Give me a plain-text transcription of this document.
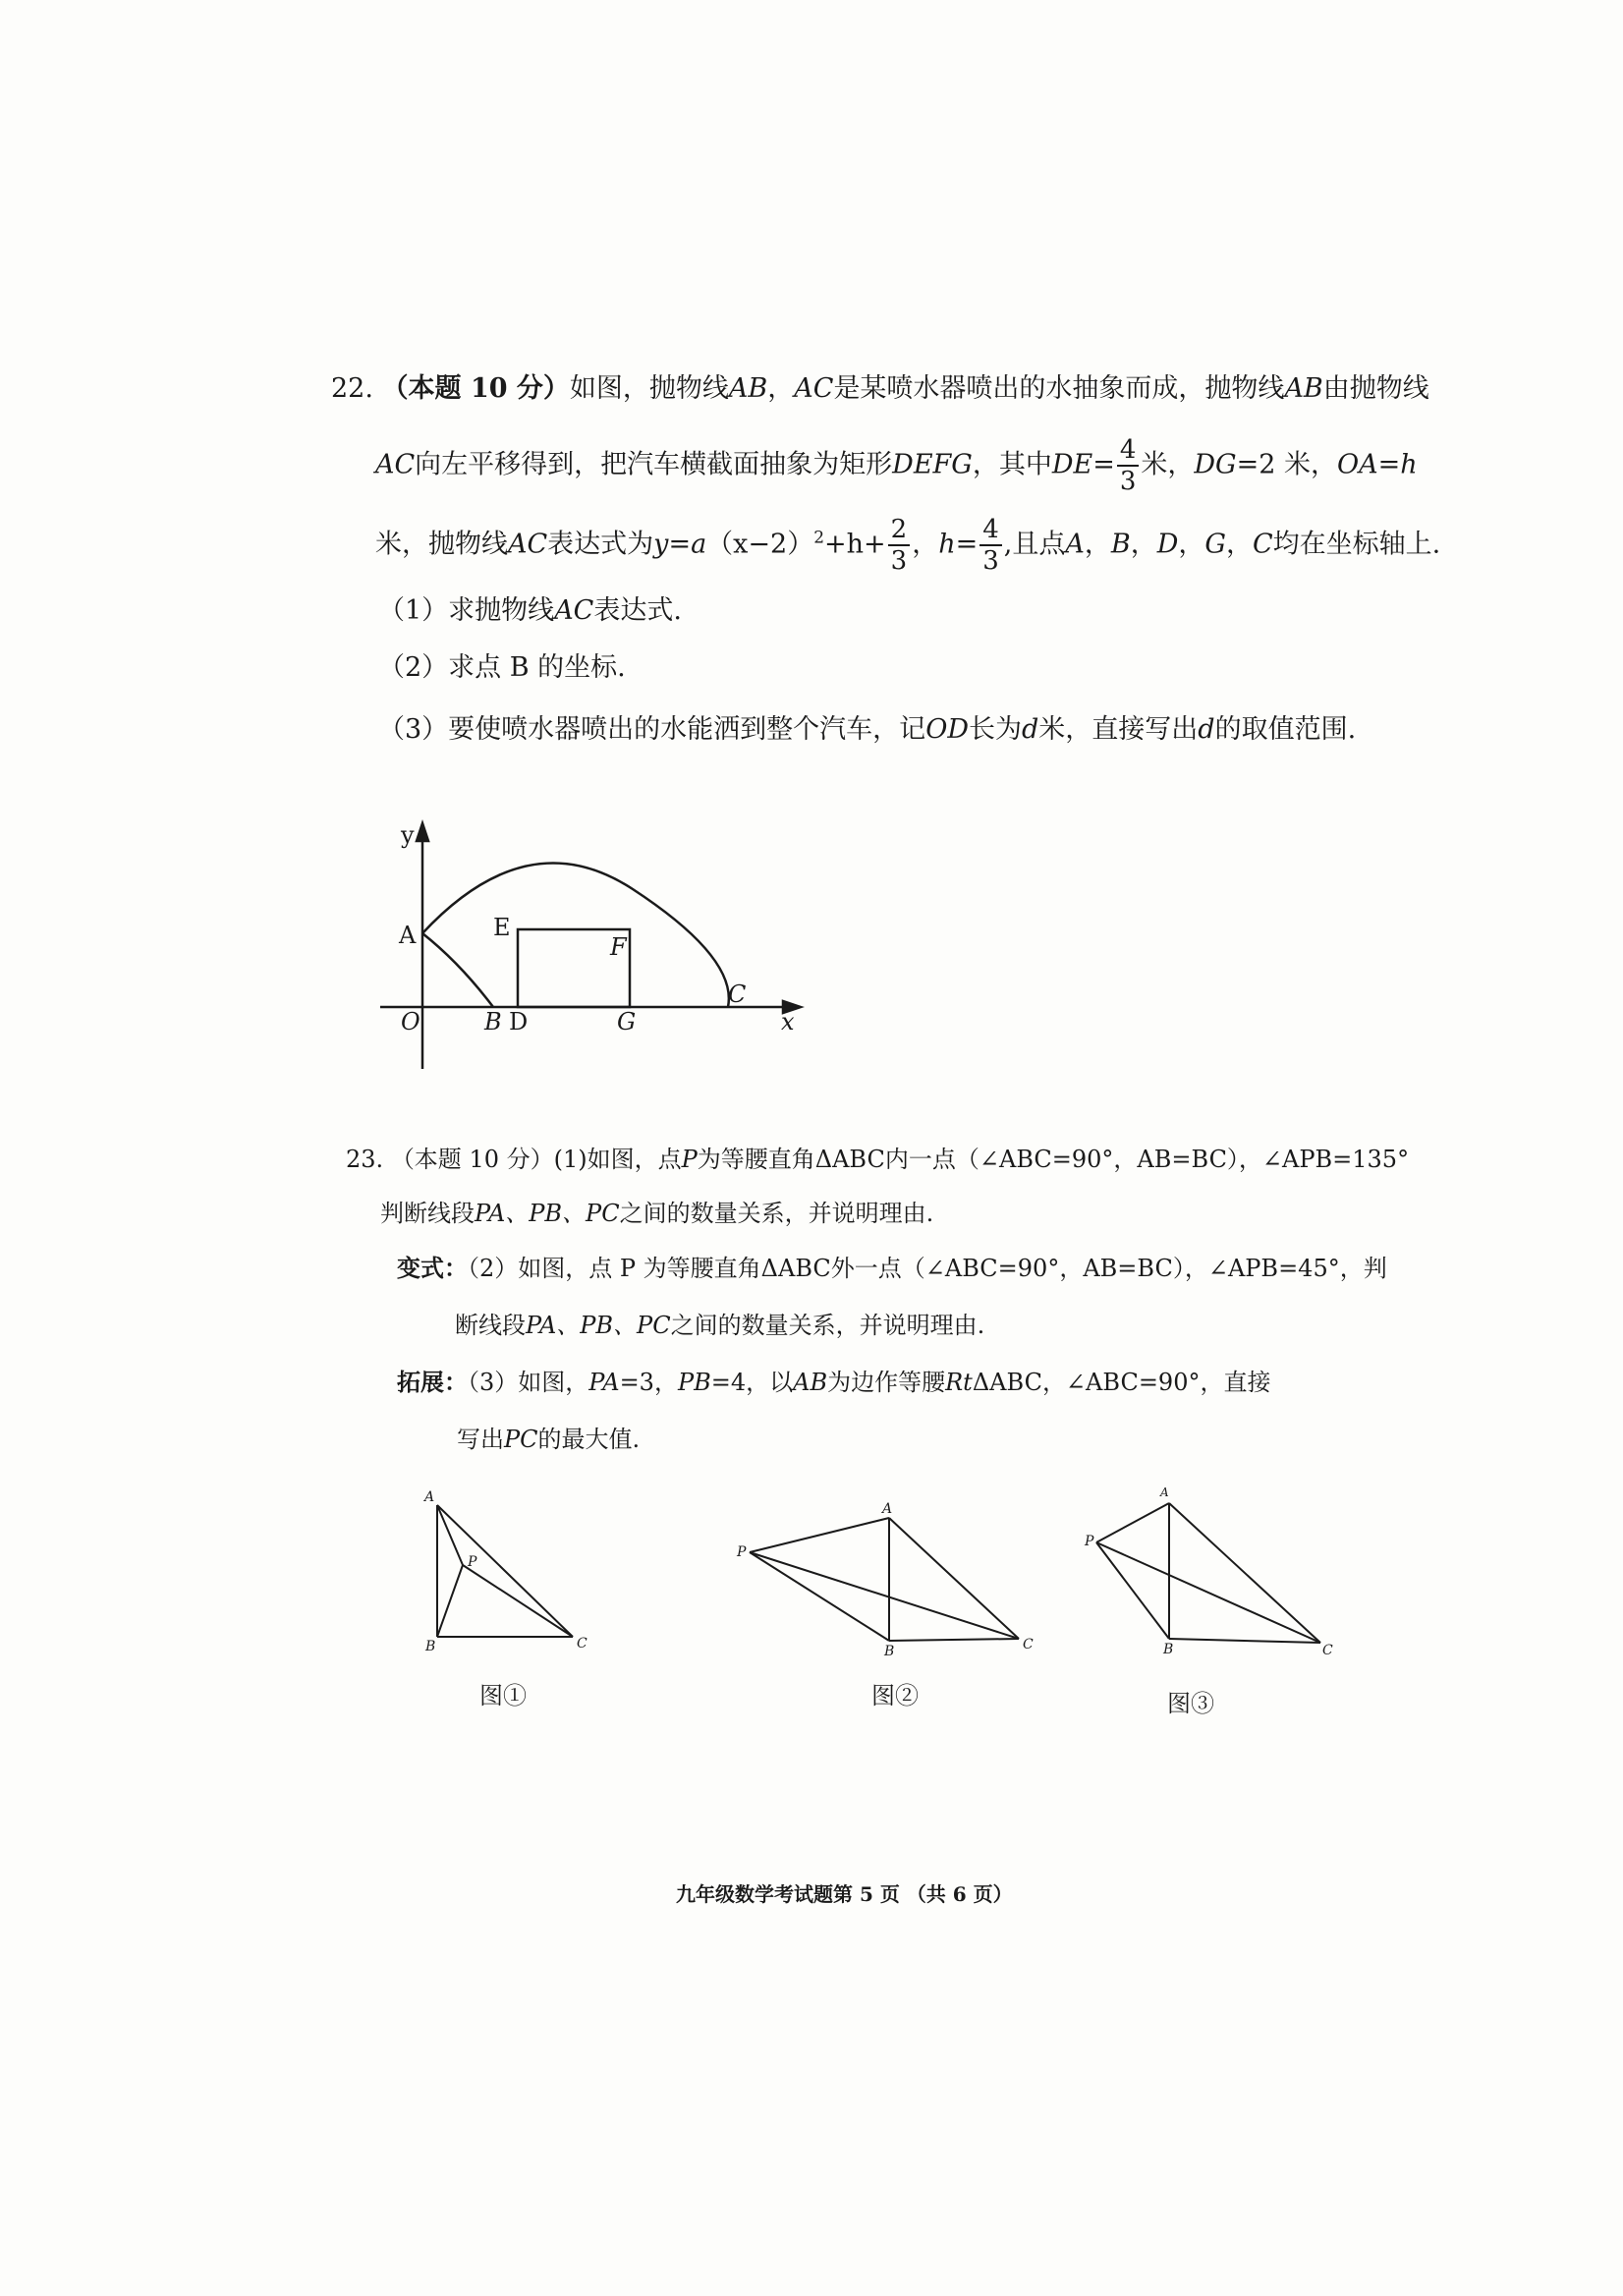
22. （本题 10 分）如图，抛物线AB，AC是某喷水器喷出的水抽象而成，抛物线AB由抛物线
AC向左平移得到，把汽车横截面抽象为矩形DEFG，其中$DE= \frac{4}{3}$ 米，DG=2 米，OA=h
米，抛物线AC表达式为$y=a(x-2)^2+h+ \frac{2}{3}$ ，$h= \frac{4}{3}$ ,且点A，B，D，G，C均在坐标轴上.
（1）求抛物线AC表达式.
（2）求点 B 的坐标.
（3）要使喷水器喷出的水能洒到整个汽车，记OD长为d米，直接写出d的取值范围.
y
A	E
F
C
O	B D	G	x
23. （本题 10 分）(1)如图，点P为等腰直角ΔABC内一点（∠ABC=90°，AB=BC），∠APB=135°
判断线段PA、PB、PC之间的数量关系，并说明理由.
变式：（2）如图，点 P 为等腰直角ΔABC外一点（∠ABC=90°，AB=BC），∠APB=45°，判
断线段PA、PB、PC之间的数量关系，并说明理由.
拓展：（3）如图，PA=3，PB=4，以AB为边作等腰RtΔABC，∠ABC=90°，直接
写出PC的最大值.
A
P
B	C
A
P
B	C
A
P
B	C
图①	图②	图③
九年级数学考试题第 5 页 （共 6 页）
